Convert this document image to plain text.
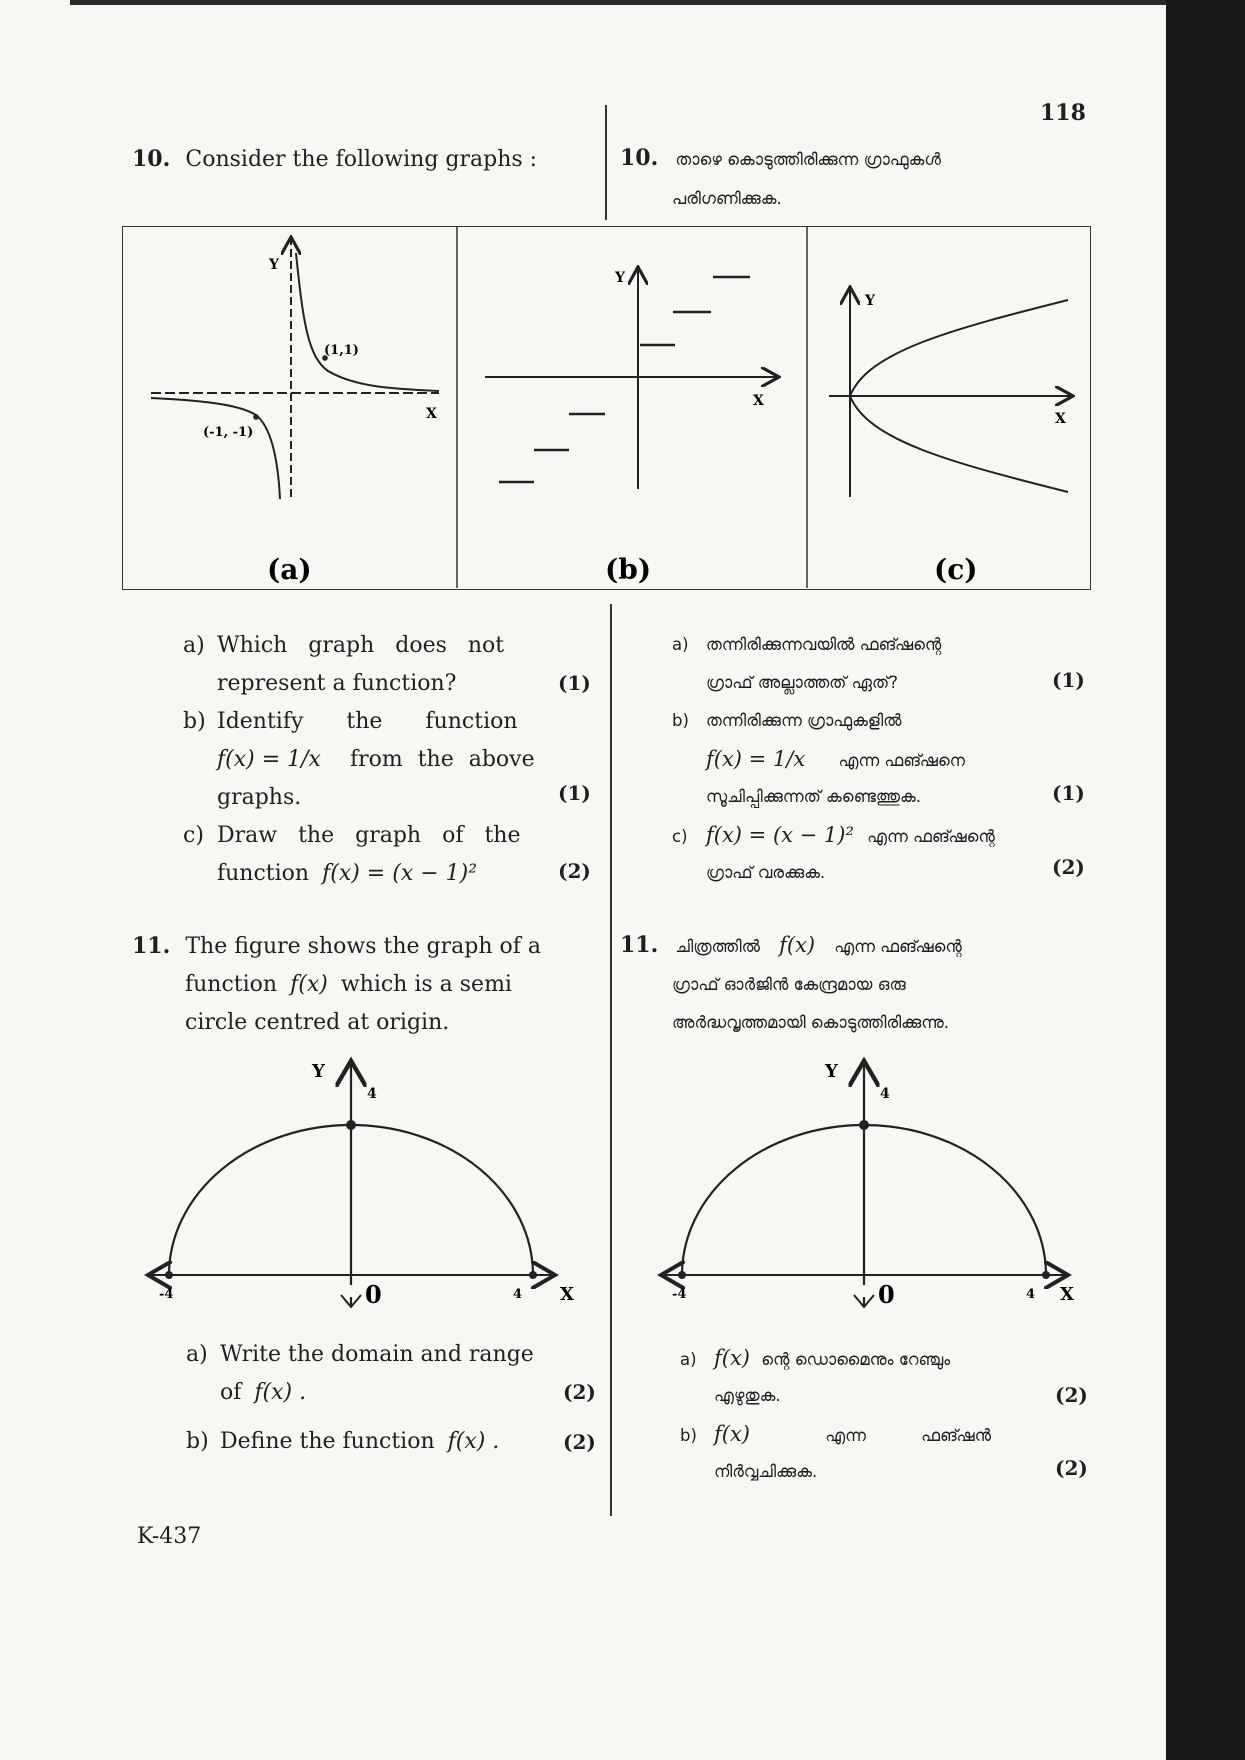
118
10. Consider the following graphs :	10. താഴെ കൊടുത്തിരിക്കുന്ന ഗ്രാഫുകൾ
പരിഗണിക്കുക.
(1,1)
(-1, -1)
Y
X
(a)
Y
X
(b)
Y
X
(c)
a) Which graph does not
represent a function?	(1)
b) Identify the function
f(x) = 1/x from the above
graphs.	(1)
c) Draw the graph of the
function f(x) = (x − 1)²	(2)
a) തന്നിരിക്കുന്നവയിൽ ഫങ്ഷന്റെ
ഗ്രാഫ് അല്ലാത്തത് ഏത്?	(1)
b) തന്നിരിക്കുന്ന ഗ്രാഫുകളിൽ
f(x) = 1/x എന്ന ഫങ്ഷനെ
സൂചിപ്പിക്കുന്നത് കണ്ടെത്തുക.	(1)
c) f(x) = (x − 1)² എന്ന ഫങ്ഷന്റെ
ഗ്രാഫ് വരക്കുക.	(2)
11. The figure shows the graph of a
function f(x) which is a semi
circle centred at origin.
11. ചിത്രത്തിൽ f(x) എന്ന ഫങ്ഷന്റെ
ഗ്രാഫ് ഓർജിൻ കേന്ദ്രമായ ഒരു
അർദ്ധവൃത്തമായി കൊടുത്തിരിക്കുന്നു.
Y
4
X
-4	4
0
Y
4
X
-4	4
0
a) Write the domain and range
of f(x) .	(2)
b) Define the function f(x) .	(2)
a) f(x) ന്റെ ഡൊമൈനും റേഞ്ചും
എഴുതുക.	(2)
b) f(x)	എന്ന ഫങ്ഷൻ
നിർവ്വചിക്കുക.	(2)
K-437
